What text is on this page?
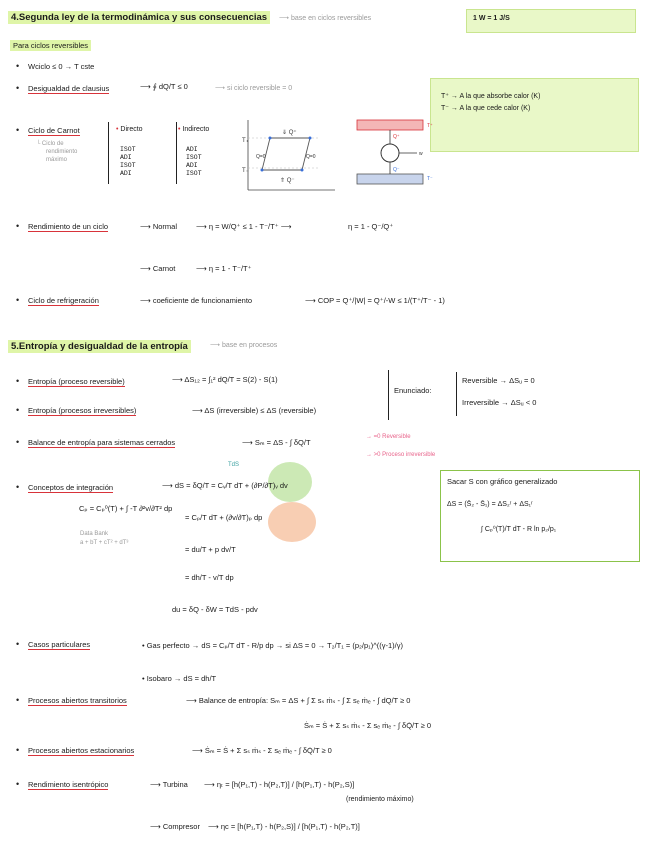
4.Segunda ley de la termodinámica y sus consecuencias	⟶ base en ciclos reversibles	1 W = 1 J/S
Para ciclos reversibles
• Wciclo ≤ 0 → T cste
• Desigualdad de clausius	⟶ ∮ dQ/T ≤ 0	⟶ si ciclo reversible = 0
T⁺ → A la que absorbe calor (K)
T⁻ → A la que cede calor (K)
• Ciclo de Carnot
└ Ciclo de
rendimiento
máximo
• Directo
ISOT
ADI
ISOT
ADI
• Indirecto
ADI
ISOT
ADI
ISOT
T₊
T₋
⇓ Q⁺
⇑ Q⁻
Q=0	Q=0	w
Q⁺
Q⁻
T⁺
T⁻
• Rendimiento de un ciclo	⟶ Normal	⟶ η = W/Q⁺ ≤ 1 - T⁻/T⁺ ⟶	η = 1 - Q⁻/Q⁺
⟶ Carnot	⟶ η = 1 - T⁻/T⁺
• Ciclo de refrigeración	⟶ coeficiente de funcionamiento	⟶ COP = Q⁺/|W| = Q⁺/-W ≤ 1/(T⁺/T⁻ - 1)
5.Entropía y desigualdad de la entropía	⟶ base en procesos
• Entropía (proceso reversible)	⟶ ΔS₁₂ = ∫₁² dQ/T = S(2) - S(1)
• Entropía (procesos irreversibles)	⟶ ΔS (irreversible) ≤ ΔS (reversible)
Enunciado:
Reversible → ΔSᵤ = 0
Irreversible → ΔSᵤ < 0
• Balance de entropía para sistemas cerrados	⟶ Sₘ = ΔS - ∫ δQ/T
→ =0 Reversible
→ >0 Proceso irreversible
TdS
• Conceptos de integración	⟶ dS = δQ/T = Cᵥ/T dT + (∂P/∂T)ᵥ dv
Cₚ = Cₚ⁰(T) + ∫ -T ∂²v/∂T² dp
= Cₚ/T dT + (∂v/∂T)ₚ dp
Data Bank
a + bT + cT² + dT³
= du/T + p dv/T
= dh/T - v/T dp
du = δQ - δW = TdS - pdv
Sacar S con gráfico generalizado
ΔS = (S̄₂ - S̄₁) = ΔS₂ʳ + ΔS₁ʳ
∫ Cₚ⁰(T)/T dT - R ln p₂/p₁
• Casos particulares	• Gas perfecto → dS = Cₚ/T dT - R/p dp → si ΔS = 0 → T₂/T₁ = (p₂/p₁)^((γ-1)/γ)
• Isobaro → dS = dh/T
• Procesos abiertos transitorios	⟶ Balance de entropía: Sₘ = ΔS + ∫ Σ sₛ ṁₛ - ∫ Σ sₑ ṁₑ - ∫ dQ/T ≥ 0
Ṡₘ = Ṡ + Σ sₛ ṁₛ - Σ sₑ ṁₑ - ∫ δQ̇/T ≥ 0
• Procesos abiertos estacionarios	⟶ Ṡₘ = Ṡ + Σ sₛ ṁₛ - Σ sₑ ṁₑ - ∫ δQ̇/T ≥ 0
• Rendimiento isentrópico	⟶ Turbina ⟶ ηₜ = [h(P₁,T) - h(P₂,T)] / [h(P₁,T) - h(P₂,S)]
(rendimiento máximo)
⟶ Compresor ⟶ ηc = [h(P₁,T) - h(P₂,S)] / [h(P₁,T) - h(P₂,T)]
